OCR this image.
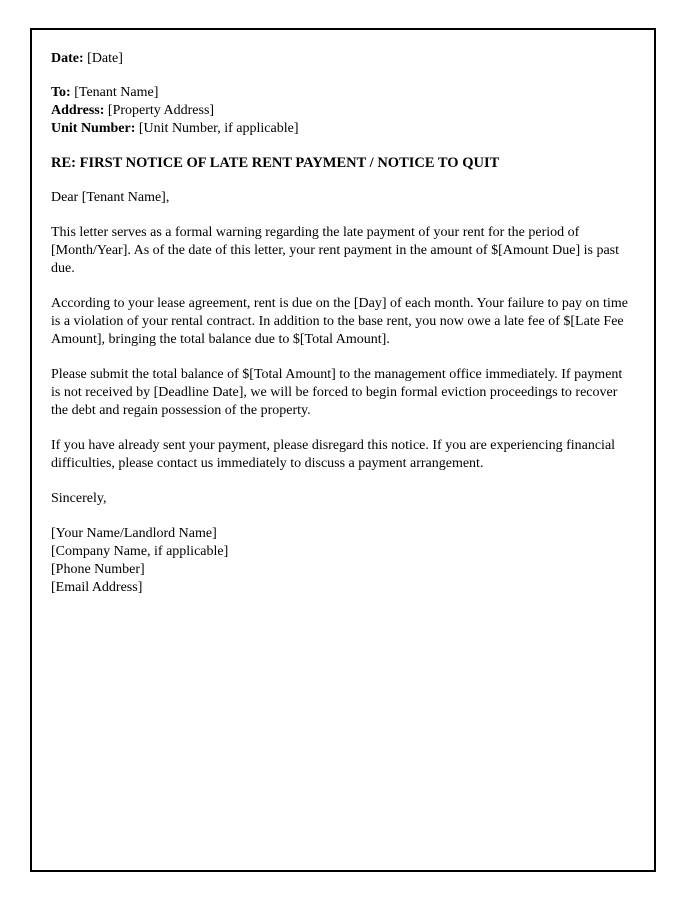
Date: [Date]

To: [Tenant Name]

Address: [Property Address]

Unit Number: [Unit Number, if applicable]

RE: FIRST NOTICE OF LATE RENT PAYMENT / NOTICE TO QUIT

Dear [Tenant Name],

This letter serves as a formal warning regarding the late payment of your rent for the period of [Month/Year]. As of the date of this letter, your rent payment in the amount of $[Amount Due] is past due.

According to your lease agreement, rent is due on the [Day] of each month. Your failure to pay on time is a violation of your rental contract. In addition to the base rent, you now owe a late fee of $[Late Fee Amount], bringing the total balance due to $[Total Amount].

Please submit the total balance of $[Total Amount] to the management office immediately. If payment is not received by [Deadline Date], we will be forced to begin formal eviction proceedings to recover the debt and regain possession of the property.

If you have already sent your payment, please disregard this notice. If you are experiencing financial difficulties, please contact us immediately to discuss a payment arrangement.

Sincerely,

[Your Name/Landlord Name]

[Company Name, if applicable]

[Phone Number]

[Email Address]
